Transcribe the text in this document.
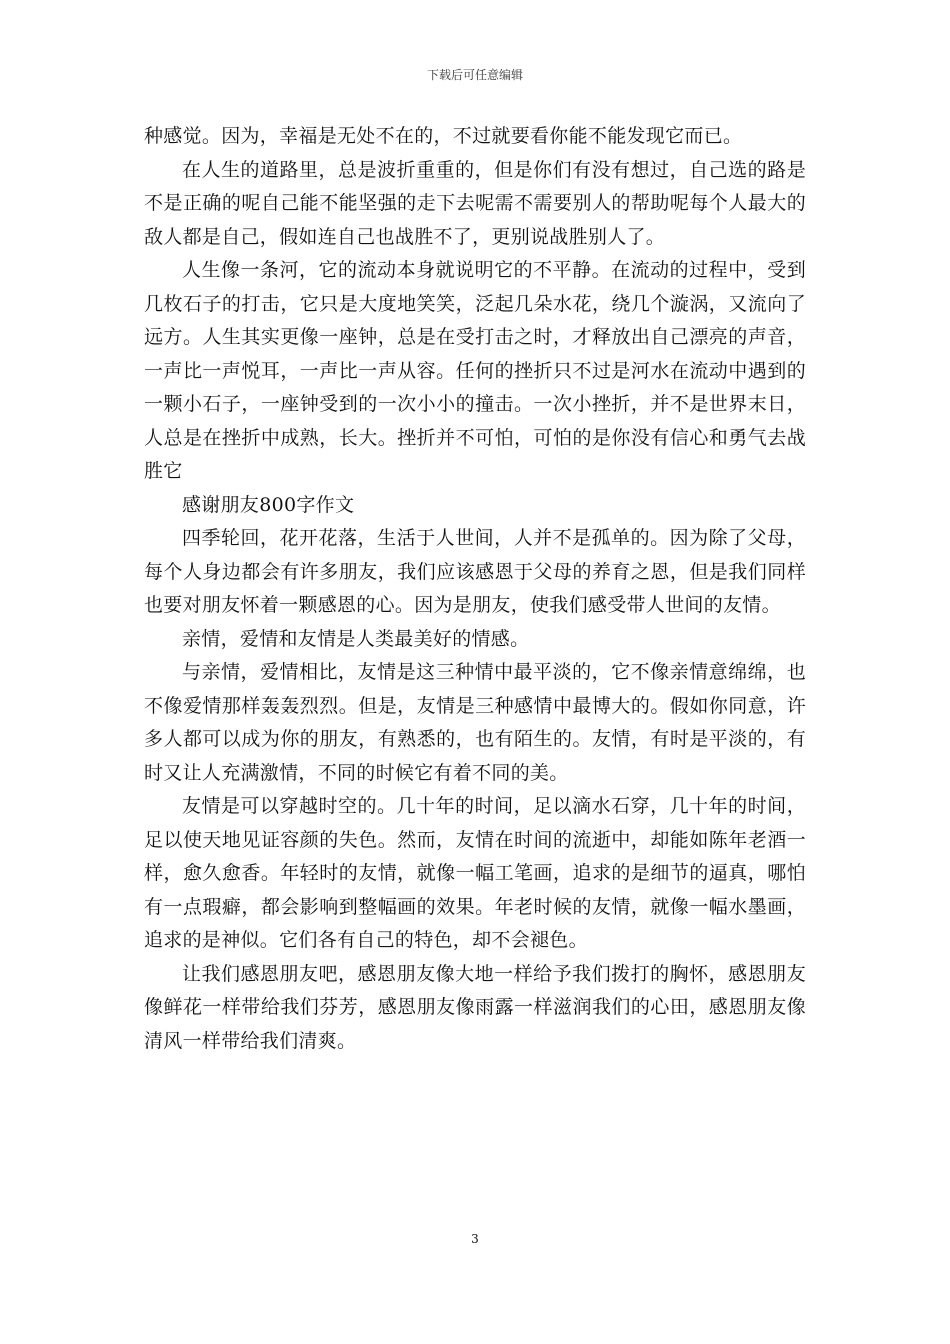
下载后可任意编辑

种感觉。因为，幸福是无处不在的，不过就要看你能不能发现它而已。

在人生的道路里，总是波折重重的，但是你们有没有想过，自己选的路是不是正确的呢自己能不能坚强的走下去呢需不需要别人的帮助呢每个人最大的敌人都是自己，假如连自己也战胜不了，更别说战胜别人了。

人生像一条河，它的流动本身就说明它的不平静。在流动的过程中，受到几枚石子的打击，它只是大度地笑笑，泛起几朵水花，绕几个漩涡，又流向了远方。人生其实更像一座钟，总是在受打击之时，才释放出自己漂亮的声音，一声比一声悦耳，一声比一声从容。任何的挫折只不过是河水在流动中遇到的一颗小石子，一座钟受到的一次小小的撞击。一次小挫折，并不是世界末日，人总是在挫折中成熟，长大。挫折并不可怕，可怕的是你没有信心和勇气去战胜它

感谢朋友800字作文

四季轮回，花开花落，生活于人世间，人并不是孤单的。因为除了父母，每个人身边都会有许多朋友，我们应该感恩于父母的养育之恩，但是我们同样也要对朋友怀着一颗感恩的心。因为是朋友，使我们感受带人世间的友情。

亲情，爱情和友情是人类最美好的情感。

与亲情，爱情相比，友情是这三种情中最平淡的，它不像亲情意绵绵，也不像爱情那样轰轰烈烈。但是，友情是三种感情中最博大的。假如你同意，许多人都可以成为你的朋友，有熟悉的，也有陌生的。友情，有时是平淡的，有时又让人充满激情，不同的时候它有着不同的美。

友情是可以穿越时空的。几十年的时间，足以滴水石穿，几十年的时间，足以使天地见证容颜的失色。然而，友情在时间的流逝中，却能如陈年老酒一样，愈久愈香。年轻时的友情，就像一幅工笔画，追求的是细节的逼真，哪怕有一点瑕癖，都会影响到整幅画的效果。年老时候的友情，就像一幅水墨画，追求的是神似。它们各有自己的特色，却不会褪色。

让我们感恩朋友吧，感恩朋友像大地一样给予我们拨打的胸怀，感恩朋友像鲜花一样带给我们芬芳，感恩朋友像雨露一样滋润我们的心田，感恩朋友像清风一样带给我们清爽。

3
